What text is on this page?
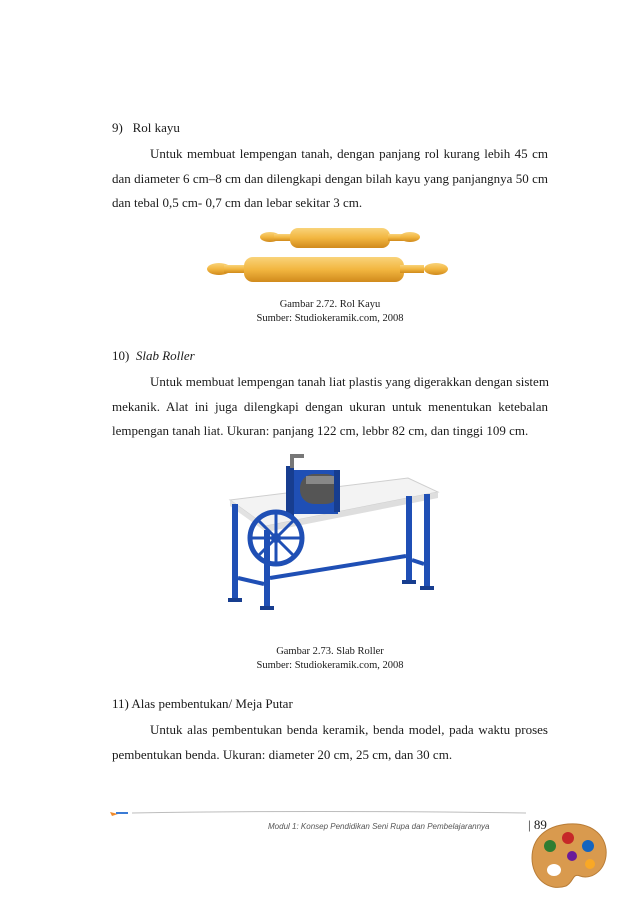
9) Rol kayu
Untuk membuat lempengan tanah, dengan panjang rol kurang lebih 45 cm
dan diameter 6 cm–8 cm dan dilengkapi dengan bilah kayu yang panjangnya 50 cm
dan tebal 0,5 cm- 0,7 cm dan lebar sekitar 3 cm.
Gambar 2.72. Rol Kayu
Sumber: Studiokeramik.com, 2008
10) Slab Roller
Untuk membuat lempengan tanah liat plastis yang digerakkan dengan sistem
mekanik. Alat ini juga dilengkapi dengan ukuran untuk menentukan ketebalan
lempengan tanah liat. Ukuran: panjang 122 cm, lebbr 82 cm, dan tinggi 109 cm.
Gambar 2.73. Slab Roller
Sumber: Studiokeramik.com, 2008
11) Alas pembentukan/ Meja Putar
Untuk alas pembentukan benda keramik, benda model, pada waktu proses
pembentukan benda. Ukuran: diameter 20 cm, 25 cm, dan 30 cm.
Modul 1: Konsep Pendidikan Seni Rupa dan Pembelajarannya	| 89
